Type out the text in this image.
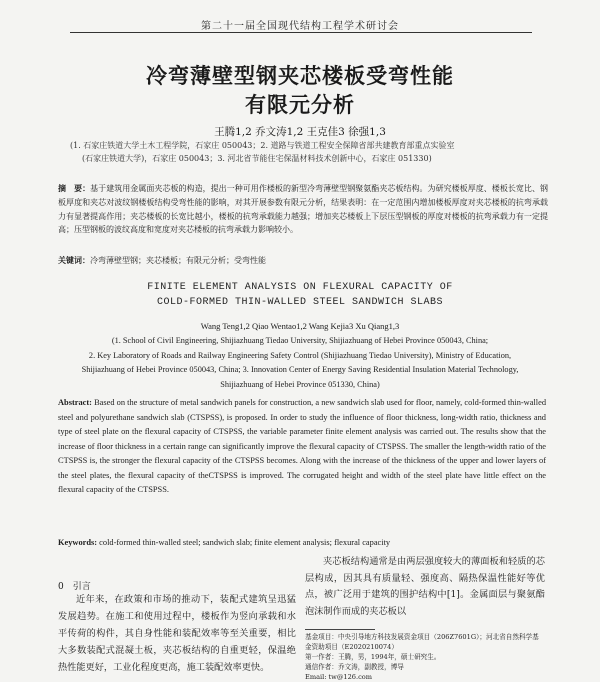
第二十一届全国现代结构工程学术研讨会
冷弯薄壁型钢夹芯楼板受弯性能
有限元分析
王腾1,2 乔文涛1,2 王克佳3 徐强1,3
(1. 石家庄铁道大学土木工程学院，石家庄 050043；2. 道路与铁道工程安全保障省部共建教育部重点实验室
(石家庄铁道大学)，石家庄 050043；3. 河北省节能住宅保温材料技术创新中心，石家庄 051330)
摘　要：基于建筑用金属面夹芯板的构造，提出一种可用作楼板的新型冷弯薄壁型钢聚氨酯夹芯板结构。为研究楼板厚度、楼板长宽比、钢板厚度和夹芯对波纹钢楼板结构受弯性能的影响，对其开展参数有限元分析，结果表明：在一定范围内增加楼板厚度对夹芯楼板的抗弯承载力有显著提高作用；夹芯楼板的长宽比越小，楼板的抗弯承载能力越强；增加夹芯楼板上下层压型钢板的厚度对楼板的抗弯承载力有一定提高；压型钢板的波纹高度和宽度对夹芯楼板的抗弯承载力影响较小。
关键词：冷弯薄壁型钢；夹芯楼板；有限元分析；受弯性能
FINITE ELEMENT ANALYSIS ON FLEXURAL CAPACITY OF
COLD-FORMED THIN-WALLED STEEL SANDWICH SLABS
Wang Teng1,2 Qiao Wentao1,2 Wang Kejia3 Xu Qiang1,3
(1. School of Civil Engineering, Shijiazhuang Tiedao University, Shijiazhuang of Hebei Province 050043, China;
2. Key Laboratory of Roads and Railway Engineering Safety Control (Shijiazhuang Tiedao University), Ministry of Education,
Shijiazhuang of Hebei Province 050043, China; 3. Innovation Center of Energy Saving Residential Insulation Material Technology,
Shijiazhuang of Hebei Province 051330, China)
Abstract: Based on the structure of metal sandwich panels for construction, a new sandwich slab used for floor, namely, cold-formed thin-walled steel and polyurethane sandwich slab (CTSPSS), is proposed. In order to study the influence of floor thickness, long-width ratio, thickness and type of steel plate on the flexural capacity of CTSPSS, the variable parameter finite element analysis was carried out. The results show that the increase of floor thickness in a certain range can significantly improve the flexural capacity of CTSPSS. The smaller the length-width ratio of the CTSPSS is, the stronger the flexural capacity of the CTSPSS becomes. Along with the increase of the thickness of the upper and lower layers of the steel plates, the flexural capacity of theCTSPSS is improved. The corrugated height and width of the steel plate have little effect on the flexural capacity of the CTSPSS.
Keywords: cold-formed thin-walled steel; sandwich slab; finite element analysis; flexural capacity
0　引言
近年来，在政策和市场的推动下，装配式建筑呈迅猛发展趋势。在施工和使用过程中，楼板作为竖向承载和水平传荷的构件，其自身性能和装配效率等至关重要，相比大多数装配式混凝土板，夹芯板结构的自重更轻，保温绝热性能更好，工业化程度更高，施工装配效率更快。
夹芯板结构通常是由两层强度较大的薄面板和轻质的芯层构成，因其具有质量轻、强度高、隔热保温性能好等优点，被广泛用于建筑的围护结构中[1]。金属面层与聚氨酯泡沫制作而成的夹芯板以
基金项目：中央引导地方科技发展资金项目（206Z7601G）；河北省自然科学基金资助项目（E2020210074）
第一作者：王腾，男，1994年，硕士研究生。
通信作者：乔文涛，副教授，博导
Email: tw@126.com
